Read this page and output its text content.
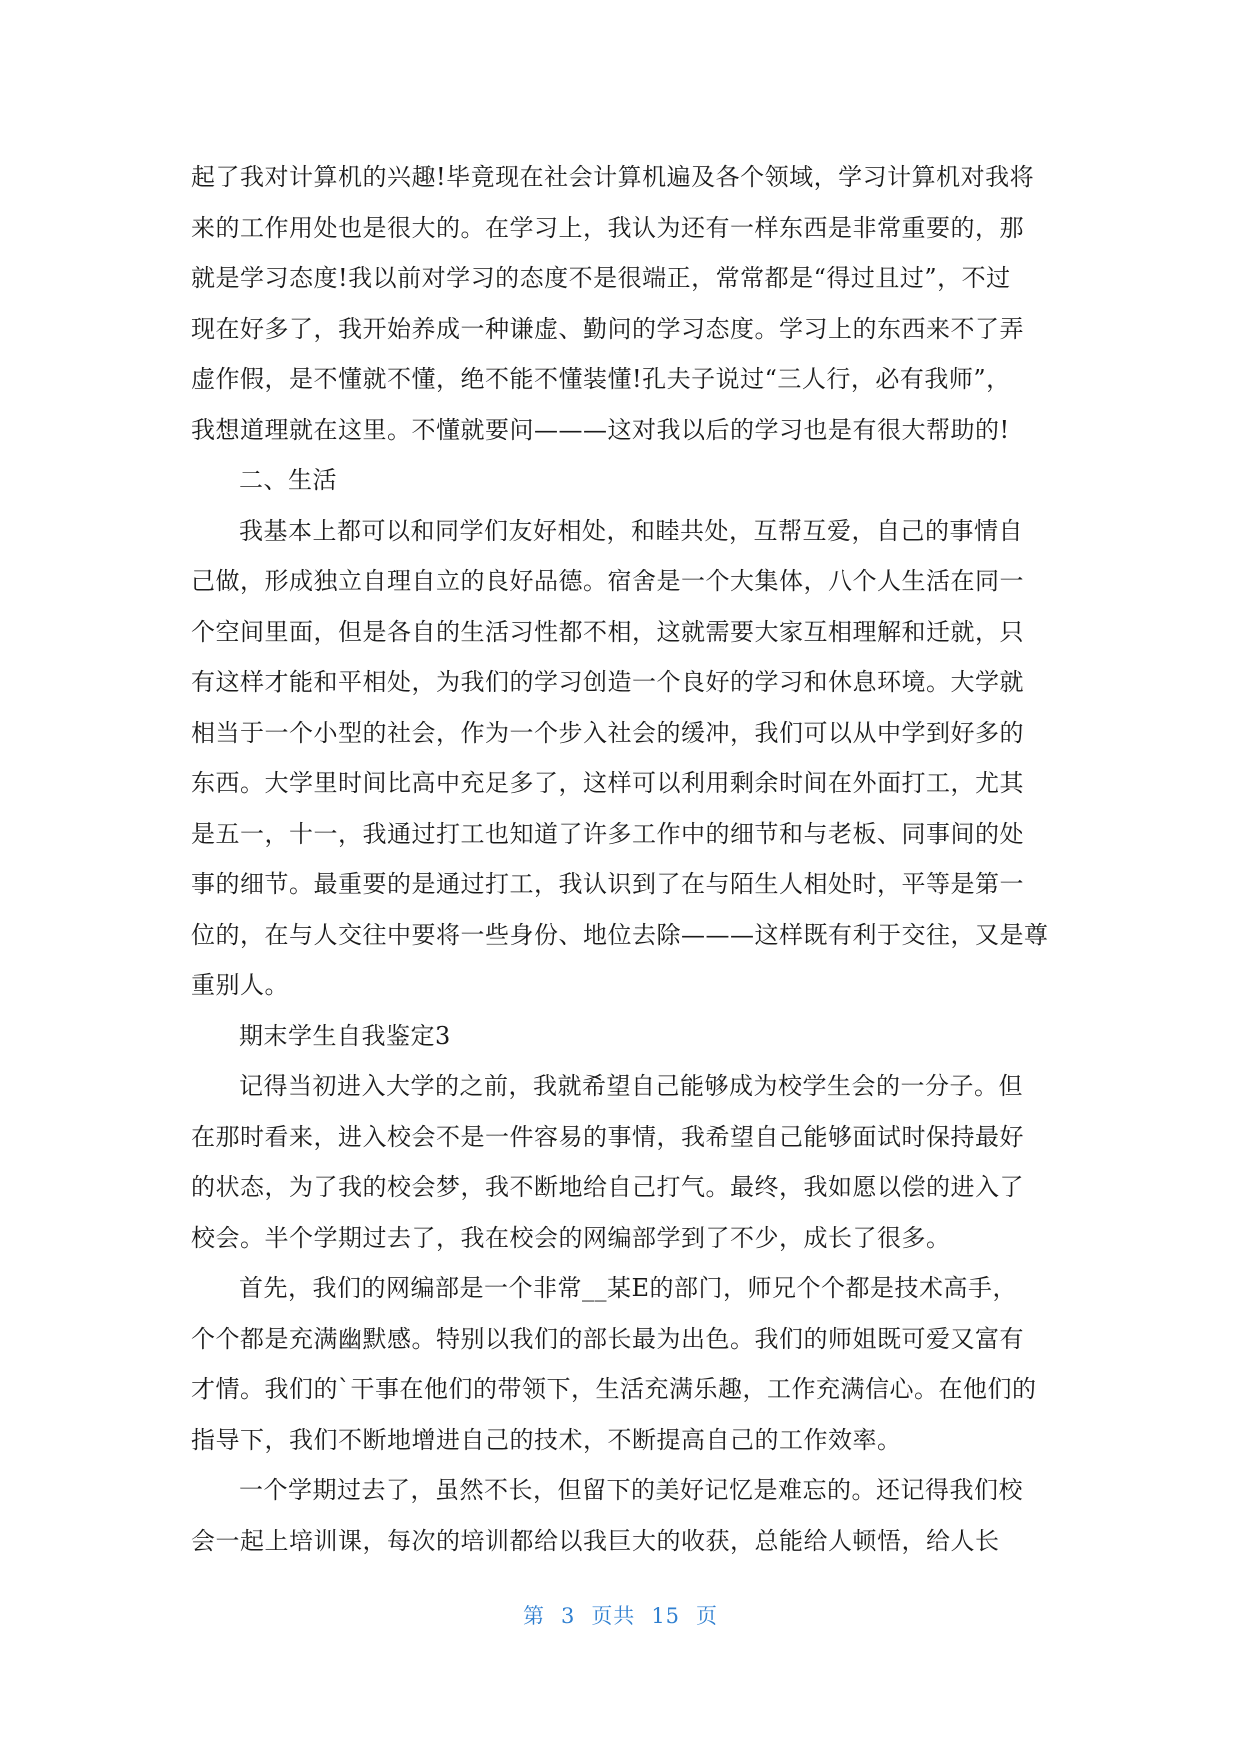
起了我对计算机的兴趣!毕竟现在社会计算机遍及各个领域，学习计算机对我将
来的工作用处也是很大的。在学习上，我认为还有一样东西是非常重要的，那
就是学习态度!我以前对学习的态度不是很端正，常常都是“得过且过”，不过
现在好多了，我开始养成一种谦虚、勤问的学习态度。学习上的东西来不了弄
虚作假，是不懂就不懂，绝不能不懂装懂!孔夫子说过“三人行，必有我师”，
我想道理就在这里。不懂就要问———这对我以后的学习也是有很大帮助的!
二、生活
我基本上都可以和同学们友好相处，和睦共处，互帮互爱，自己的事情自
己做，形成独立自理自立的良好品德。宿舍是一个大集体，八个人生活在同一
个空间里面，但是各自的生活习性都不相，这就需要大家互相理解和迁就，只
有这样才能和平相处，为我们的学习创造一个良好的学习和休息环境。大学就
相当于一个小型的社会，作为一个步入社会的缓冲，我们可以从中学到好多的
东西。大学里时间比高中充足多了，这样可以利用剩余时间在外面打工，尤其
是五一，十一，我通过打工也知道了许多工作中的细节和与老板、同事间的处
事的细节。最重要的是通过打工，我认识到了在与陌生人相处时，平等是第一
位的，在与人交往中要将一些身份、地位去除———这样既有利于交往，又是尊
重别人。
期末学生自我鉴定3
记得当初进入大学的之前，我就希望自己能够成为校学生会的一分子。但
在那时看来，进入校会不是一件容易的事情，我希望自己能够面试时保持最好
的状态，为了我的校会梦，我不断地给自己打气。最终，我如愿以偿的进入了
校会。半个学期过去了，我在校会的网编部学到了不少，成长了很多。
首先，我们的网编部是一个非常__某E的部门，师兄个个都是技术高手，
个个都是充满幽默感。特别以我们的部长最为出色。我们的师姐既可爱又富有
才情。我们的`干事在他们的带领下，生活充满乐趣，工作充满信心。在他们的
指导下，我们不断地增进自己的技术，不断提高自己的工作效率。
一个学期过去了，虽然不长，但留下的美好记忆是难忘的。还记得我们校
会一起上培训课，每次的培训都给以我巨大的收获，总能给人顿悟，给人长
第 3 页共 15 页
